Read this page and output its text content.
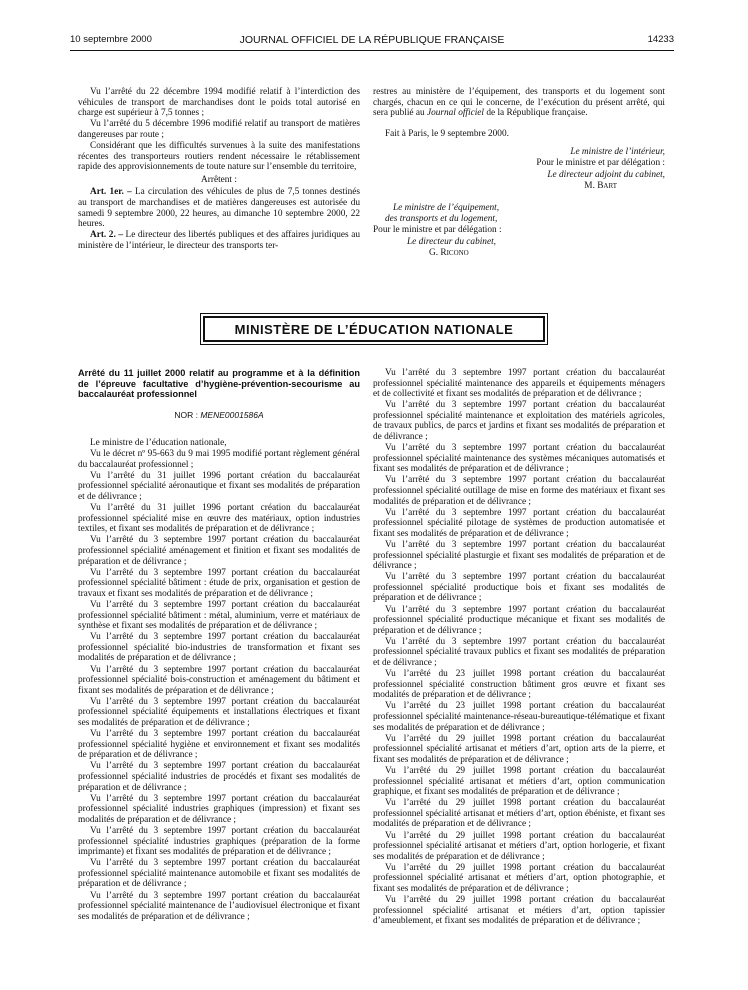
10 septembre 2000	JOURNAL OFFICIEL DE LA RÉPUBLIQUE FRANÇAISE	14233

Vu l’arrêté du 22 décembre 1994 modifié relatif à l’interdiction des véhicules de transport de marchandises dont le poids total autorisé en charge est supérieur à 7,5 tonnes ;

Vu l’arrêté du 5 décembre 1996 modifié relatif au transport de matières dangereuses par route ;

Considérant que les difficultés survenues à la suite des manifestations récentes des transporteurs routiers rendent nécessaire le rétablissement rapide des approvisionnements de toute nature sur l’ensemble du territoire,

Arrêtent :

Art. 1er. – La circulation des véhicules de plus de 7,5 tonnes destinés au transport de marchandises et de matières dangereuses est autorisée du samedi 9 septembre 2000, 22 heures, au dimanche 10 septembre 2000, 22 heures.

Art. 2. – Le directeur des libertés publiques et des affaires juridiques au ministère de l’intérieur, le directeur des transports ter-

restres au ministère de l’équipement, des transports et du logement sont chargés, chacun en ce qui le concerne, de l’exécution du présent arrêté, qui sera publié au Journal officiel de la République française.

Fait à Paris, le 9 septembre 2000.

Le ministre de l’intérieur,

Pour le ministre et par délégation :

Le directeur adjoint du cabinet,

M. Bart

Le ministre de l’équipement,

des transports et du logement,

Pour le ministre et par délégation :

Le directeur du cabinet,

G. Ricono

MINISTÈRE DE L’ÉDUCATION NATIONALE
Arrêté du 11 juillet 2000 relatif au programme et à la définition de l’épreuve facultative d’hygiène-prévention-secourisme au baccalauréat professionnel
NOR : MENE0001586A

Le ministre de l’éducation nationale,

Vu le décret nº 95-663 du 9 mai 1995 modifié portant règlement général du baccalauréat professionnel ;

Vu l’arrêté du 31 juillet 1996 portant création du baccalauréat professionnel spécialité aéronautique et fixant ses modalités de préparation et de délivrance ;

Vu l’arrêté du 31 juillet 1996 portant création du baccalauréat professionnel spécialité mise en œuvre des matériaux, option industries textiles, et fixant ses modalités de préparation et de délivrance ;

Vu l’arrêté du 3 septembre 1997 portant création du baccalauréat professionnel spécialité aménagement et finition et fixant ses modalités de préparation et de délivrance ;

Vu l’arrêté du 3 septembre 1997 portant création du baccalauréat professionnel spécialité bâtiment : étude de prix, organisation et gestion de travaux et fixant ses modalités de préparation et de délivrance ;

Vu l’arrêté du 3 septembre 1997 portant création du baccalauréat professionnel spécialité bâtiment : métal, aluminium, verre et matériaux de synthèse et fixant ses modalités de préparation et de délivrance ;

Vu l’arrêté du 3 septembre 1997 portant création du baccalauréat professionnel spécialité bio-industries de transformation et fixant ses modalités de préparation et de délivrance ;

Vu l’arrêté du 3 septembre 1997 portant création du baccalauréat professionnel spécialité bois-construction et aménagement du bâtiment et fixant ses modalités de préparation et de délivrance ;

Vu l’arrêté du 3 septembre 1997 portant création du baccalauréat professionnel spécialité équipements et installations électriques et fixant ses modalités de préparation et de délivrance ;

Vu l’arrêté du 3 septembre 1997 portant création du baccalauréat professionnel spécialité hygiène et environnement et fixant ses modalités de préparation et de délivrance ;

Vu l’arrêté du 3 septembre 1997 portant création du baccalauréat professionnel spécialité industries de procédés et fixant ses modalités de préparation et de délivrance ;

Vu l’arrêté du 3 septembre 1997 portant création du baccalauréat professionnel spécialité industries graphiques (impression) et fixant ses modalités de préparation et de délivrance ;

Vu l’arrêté du 3 septembre 1997 portant création du baccalauréat professionnel spécialité industries graphiques (préparation de la forme imprimante) et fixant ses modalités de préparation et de délivrance ;

Vu l’arrêté du 3 septembre 1997 portant création du baccalauréat professionnel spécialité maintenance automobile et fixant ses modalités de préparation et de délivrance ;

Vu l’arrêté du 3 septembre 1997 portant création du baccalauréat professionnel spécialité maintenance de l’audiovisuel électronique et fixant ses modalités de préparation et de délivrance ;

Vu l’arrêté du 3 septembre 1997 portant création du baccalauréat professionnel spécialité maintenance des appareils et équipements ménagers et de collectivité et fixant ses modalités de préparation et de délivrance ;

Vu l’arrêté du 3 septembre 1997 portant création du baccalauréat professionnel spécialité maintenance et exploitation des matériels agricoles, de travaux publics, de parcs et jardins et fixant ses modalités de préparation et de délivrance ;

Vu l’arrêté du 3 septembre 1997 portant création du baccalauréat professionnel spécialité maintenance des systèmes mécaniques automatisés et fixant ses modalités de préparation et de délivrance ;

Vu l’arrêté du 3 septembre 1997 portant création du baccalauréat professionnel spécialité outillage de mise en forme des matériaux et fixant ses modalités de préparation et de délivrance ;

Vu l’arrêté du 3 septembre 1997 portant création du baccalauréat professionnel spécialité pilotage de systèmes de production automatisée et fixant ses modalités de préparation et de délivrance ;

Vu l’arrêté du 3 septembre 1997 portant création du baccalauréat professionnel spécialité plasturgie et fixant ses modalités de préparation et de délivrance ;

Vu l’arrêté du 3 septembre 1997 portant création du baccalauréat professionnel spécialité productique bois et fixant ses modalités de préparation et de délivrance ;

Vu l’arrêté du 3 septembre 1997 portant création du baccalauréat professionnel spécialité productique mécanique et fixant ses modalités de préparation et de délivrance ;

Vu l’arrêté du 3 septembre 1997 portant création du baccalauréat professionnel spécialité travaux publics et fixant ses modalités de préparation et de délivrance ;

Vu l’arrêté du 23 juillet 1998 portant création du baccalauréat professionnel spécialité construction bâtiment gros œuvre et fixant ses modalités de préparation et de délivrance ;

Vu l’arrêté du 23 juillet 1998 portant création du baccalauréat professionnel spécialité maintenance-réseau-bureautique-télématique et fixant ses modalités de préparation et de délivrance ;

Vu l’arrêté du 29 juillet 1998 portant création du baccalauréat professionnel spécialité artisanat et métiers d’art, option arts de la pierre, et fixant ses modalités de préparation et de délivrance ;

Vu l’arrêté du 29 juillet 1998 portant création du baccalauréat professionnel spécialité artisanat et métiers d’art, option communication graphique, et fixant ses modalités de préparation et de délivrance ;

Vu l’arrêté du 29 juillet 1998 portant création du baccalauréat professionnel spécialité artisanat et métiers d’art, option ébéniste, et fixant ses modalités de préparation et de délivrance ;

Vu l’arrêté du 29 juillet 1998 portant création du baccalauréat professionnel spécialité artisanat et métiers d’art, option horlogerie, et fixant ses modalités de préparation et de délivrance ;

Vu l’arrêté du 29 juillet 1998 portant création du baccalauréat professionnel spécialité artisanat et métiers d’art, option photographie, et fixant ses modalités de préparation et de délivrance ;

Vu l’arrêté du 29 juillet 1998 portant création du baccalauréat professionnel spécialité artisanat et métiers d’art, option tapissier d’ameublement, et fixant ses modalités de préparation et de délivrance ;
